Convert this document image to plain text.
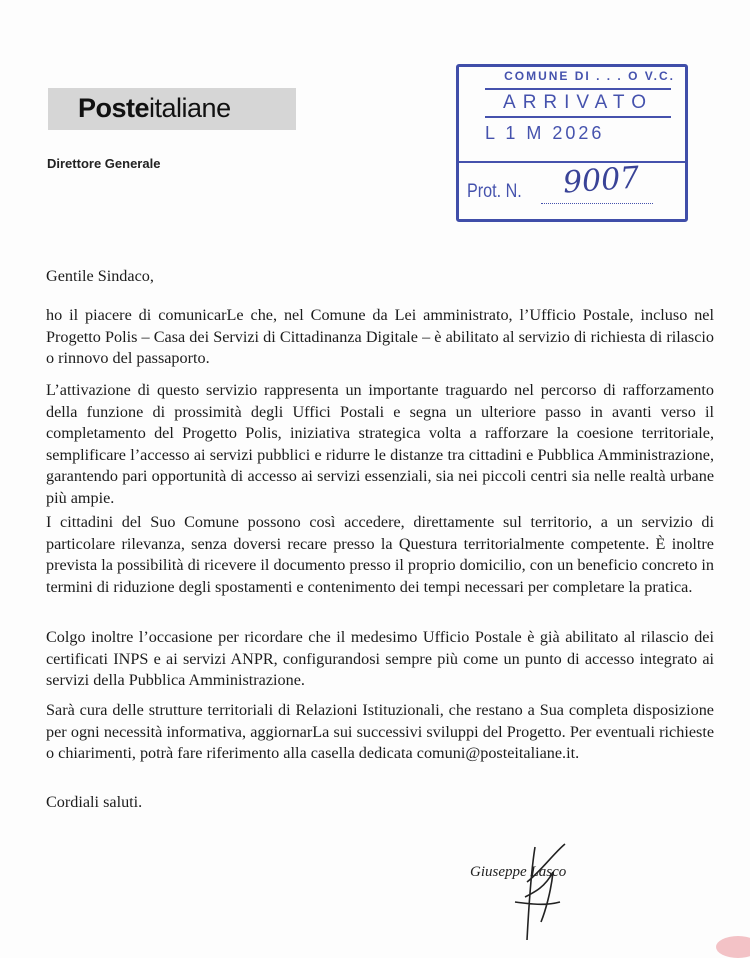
Posteitaliane
Direttore Generale
COMUNE DI . . . O V.C.
ARRIVATO
L 1 M 2026
Prot. N. 9007
Gentile Sindaco,
ho il piacere di comunicarLe che, nel Comune da Lei amministrato, l’Ufficio Postale, incluso nel Progetto Polis – Casa dei Servizi di Cittadinanza Digitale – è abilitato al servizio di richiesta di rilascio o rinnovo del passaporto.
L’attivazione di questo servizio rappresenta un importante traguardo nel percorso di rafforzamento della funzione di prossimità degli Uffici Postali e segna un ulteriore passo in avanti verso il completamento del Progetto Polis, iniziativa strategica volta a rafforzare la coesione territoriale, semplificare l’accesso ai servizi pubblici e ridurre le distanze tra cittadini e Pubblica Amministrazione, garantendo pari opportunità di accesso ai servizi essenziali, sia nei piccoli centri sia nelle realtà urbane più ampie.
I cittadini del Suo Comune possono così accedere, direttamente sul territorio, a un servizio di particolare rilevanza, senza doversi recare presso la Questura territorialmente competente. È inoltre prevista la possibilità di ricevere il documento presso il proprio domicilio, con un beneficio concreto in termini di riduzione degli spostamenti e contenimento dei tempi necessari per completare la pratica.
Colgo inoltre l’occasione per ricordare che il medesimo Ufficio Postale è già abilitato al rilascio dei certificati INPS e ai servizi ANPR, configurandosi sempre più come un punto di accesso integrato ai servizi della Pubblica Amministrazione.
Sarà cura delle strutture territoriali di Relazioni Istituzionali, che restano a Sua completa disposizione per ogni necessità informativa, aggiornarLa sui successivi sviluppi del Progetto. Per eventuali richieste o chiarimenti, potrà fare riferimento alla casella dedicata comuni@posteitaliane.it.
Cordiali saluti.
Giuseppe Lasco
